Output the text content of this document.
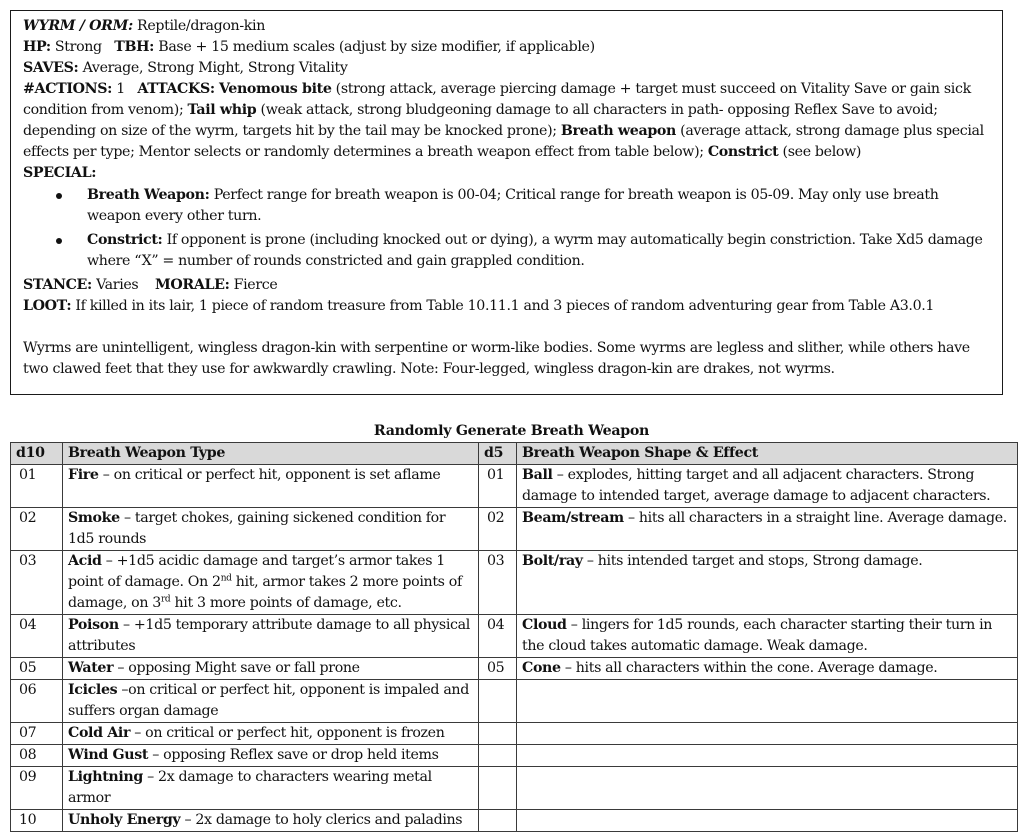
WYRM / ORM: Reptile/dragon-kin

HP: Strong TBH: Base + 15 medium scales (adjust by size modifier, if applicable)

SAVES: Average, Strong Might, Strong Vitality

#ACTIONS: 1   ATTACKS: Venomous bite (strong attack, average piercing damage + target must succeed on Vitality Save or gain sick condition from venom); Tail whip (weak attack, strong bludgeoning damage to all characters in path- opposing Reflex Save to avoid; depending on size of the wyrm, targets hit by the tail may be knocked prone); Breath weapon (average attack, strong damage plus special effects per type; Mentor selects or randomly determines a breath weapon effect from table below); Constrict (see below)

SPECIAL:

Breath Weapon: Perfect range for breath weapon is 00-04; Critical range for breath weapon is 05-09. May only use breath weapon every other turn.
Constrict: If opponent is prone (including knocked out or dying), a wyrm may automatically begin constriction. Take Xd5 damage where “X” = number of rounds constricted and gain grappled condition.

STANCE: Varies MORALE: Fierce

LOOT: If killed in its lair, 1 piece of random treasure from Table 10.11.1 and 3 pieces of random adventuring gear from Table A3.0.1

Wyrms are unintelligent, wingless dragon-kin with serpentine or worm-like bodies. Some wyrms are legless and slither, while others have two clawed feet that they use for awkwardly crawling. Note: Four-legged, wingless dragon-kin are drakes, not wyrms.

Randomly Generate Breath Weapon
d10	Breath Weapon Type	d5	Breath Weapon Shape & Effect
01	Fire – on critical or perfect hit, opponent is set aflame	01	Ball – explodes, hitting target and all adjacent characters. Strong damage to intended target, average damage to adjacent characters.
02	Smoke – target chokes, gaining sickened condition for 1d5 rounds	02	Beam/stream – hits all characters in a straight line. Average damage.
03	Acid – +1d5 acidic damage and target’s armor takes 1 point of damage. On 2nd hit, armor takes 2 more points of damage, on 3rd hit 3 more points of damage, etc.	03	Bolt/ray – hits intended target and stops, Strong damage.
04	Poison – +1d5 temporary attribute damage to all physical attributes	04	Cloud – lingers for 1d5 rounds, each character starting their turn in the cloud takes automatic damage. Weak damage.
05	Water – opposing Might save or fall prone	05	Cone – hits all characters within the cone. Average damage.
06	Icicles –on critical or perfect hit, opponent is impaled and suffers organ damage		
07	Cold Air – on critical or perfect hit, opponent is frozen		
08	Wind Gust – opposing Reflex save or drop held items		
09	Lightning – 2x damage to characters wearing metal armor		
10	Unholy Energy – 2x damage to holy clerics and paladins		
